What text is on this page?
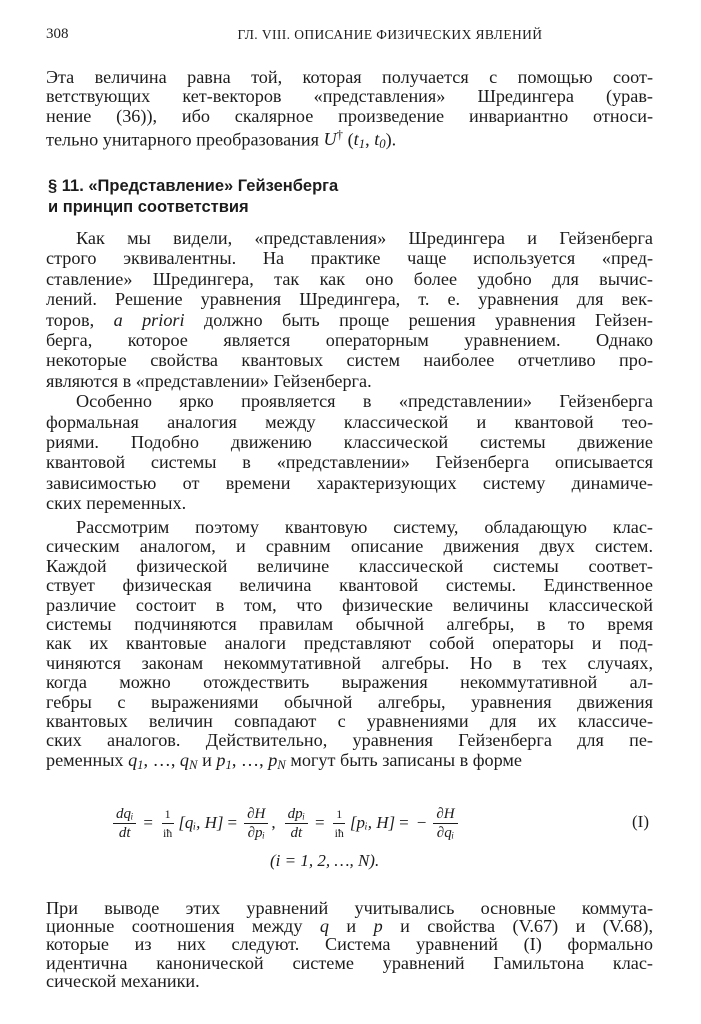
308	ГЛ. VIII. ОПИСАНИЕ ФИЗИЧЕСКИХ ЯВЛЕНИЙ
Эта величина равна той, которая получается с помощью соот-
ветствующих кет-векторов «представления» Шредингера (урав-
нение (36)), ибо скалярное произведение инвариантно относи-
тельно унитарного преобразования U† ($t_1$, $t_0$).
§ 11. «Представление» Гейзенберга
и принцип соответствия
Как мы видели, «представления» Шредингера и Гейзенберга
строго эквивалентны. На практике чаще используется «пред-
ставление» Шредингера, так как оно более удобно для вычис-
лений. Решение уравнения Шредингера, т. е. уравнения для век-
торов, a priori должно быть проще решения уравнения Гейзен-
берга, которое является операторным уравнением. Однако
некоторые свойства квантовых систем наиболее отчетливо про-
являются в «представлении» Гейзенберга.
Особенно ярко проявляется в «представлении» Гейзенберга
формальная аналогия между классической и квантовой тео-
риями. Подобно движению классической системы движение
квантовой системы в «представлении» Гейзенберга описывается
зависимостью от времени характеризующих систему динамиче-
ских переменных.
Рассмотрим поэтому квантовую систему, обладающую клас-
сическим аналогом, и сравним описание движения двух систем.
Каждой физической величине классической системы соответ-
ствует физическая величина квантовой системы. Единственное
различие состоит в том, что физические величины классической
системы подчиняются правилам обычной алгебры, в то время
как их квантовые аналоги представляют собой операторы и под-
чиняются законам некоммутативной алгебры. Но в тех случаях,
когда можно отождествить выражения некоммутативной ал-
гебры с выражениями обычной алгебры, уравнения движения
квантовых величин совпадают с уравнениями для их классиче-
ских аналогов. Действительно, уравнения Гейзенберга для пе-
ременных $q_1$, …, $q_N$ и $p_1$, …, $p_N$ могут быть записаны в форме
$\frac{\text{dqᵢ}}{dt} = \frac{1}{iħ}$ [qᵢ, $H] = \frac{\partial H}{\text{∂pᵢ}}$ , $\frac{\text{dpᵢ}}{dt} = \frac{1}{iħ}$ [pᵢ, H] = − $\frac{\partial H}{\text{∂qᵢ}}$	(I)
(i = 1, 2, …, N).
При выводе этих уравнений учитывались основные коммута-
ционные соотношения между q и p и свойства (V.67) и (V.68),
которые из них следуют. Система уравнений (I) формально
идентична канонической системе уравнений Гамильтона клас-
сической механики.
